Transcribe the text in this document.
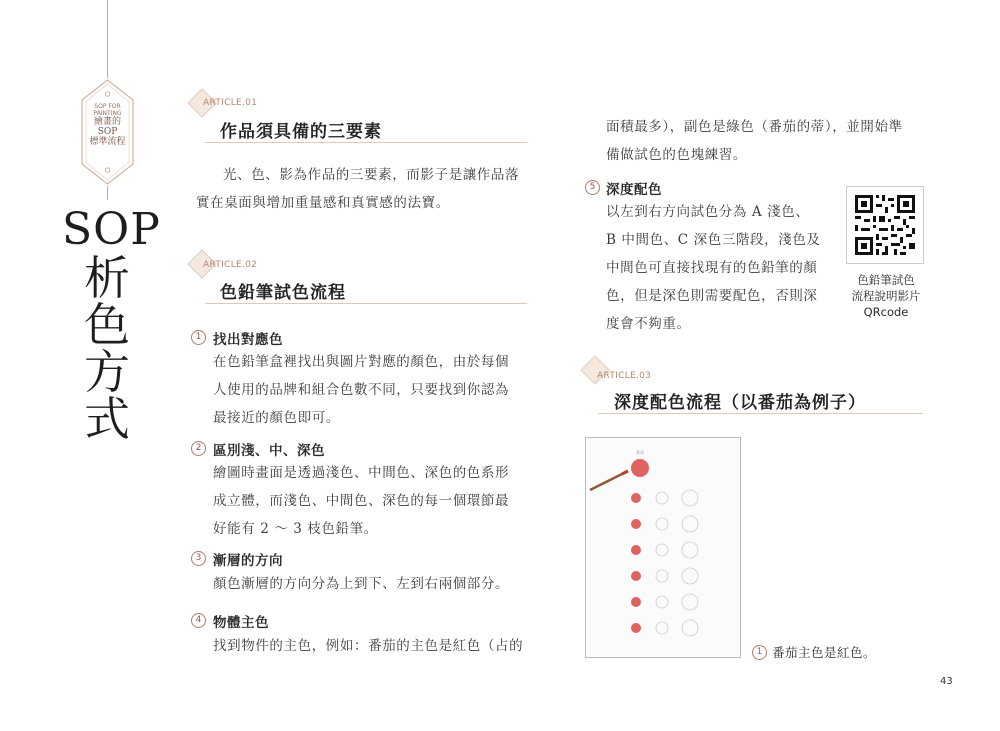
SOP FOR
PAINTING
繪畫的
SOP
標準流程
SOP
析
色
方
式
ARTICLE.01
作品須具備的三要素
光、色、影為作品的三要素，而影子是讓作品落
實在桌面與增加重量感和真實感的法寶。
ARTICLE.02
色鉛筆試色流程
1 找出對應色
在色鉛筆盒裡找出與圖片對應的顏色，由於每個
人使用的品牌和組合色數不同，只要找到你認為
最接近的顏色即可。
2 區別淺、中、深色
繪圖時畫面是透過淺色、中間色、深色的色系形
成立體，而淺色、中間色、深色的每一個環節最
好能有 2 ～ 3 枝色鉛筆。
3 漸層的方向
顏色漸層的方向分為上到下、左到右兩個部分。
4 物體主色
找到物件的主色，例如：番茄的主色是紅色（占的
面積最多），副色是綠色（番茄的蒂），並開始準
備做試色的色塊練習。
5 深度配色
以左到右方向試色分為 A 淺色、
B 中間色、C 深色三階段，淺色及
中間色可直接找現有的色鉛筆的顏
色，但是深色則需要配色，否則深
度會不夠重。
色鉛筆試色
流程說明影片
QRcode
ARTICLE.03
深度配色流程（以番茄為例子）
番茄
1 番茄主色是紅色。
43
